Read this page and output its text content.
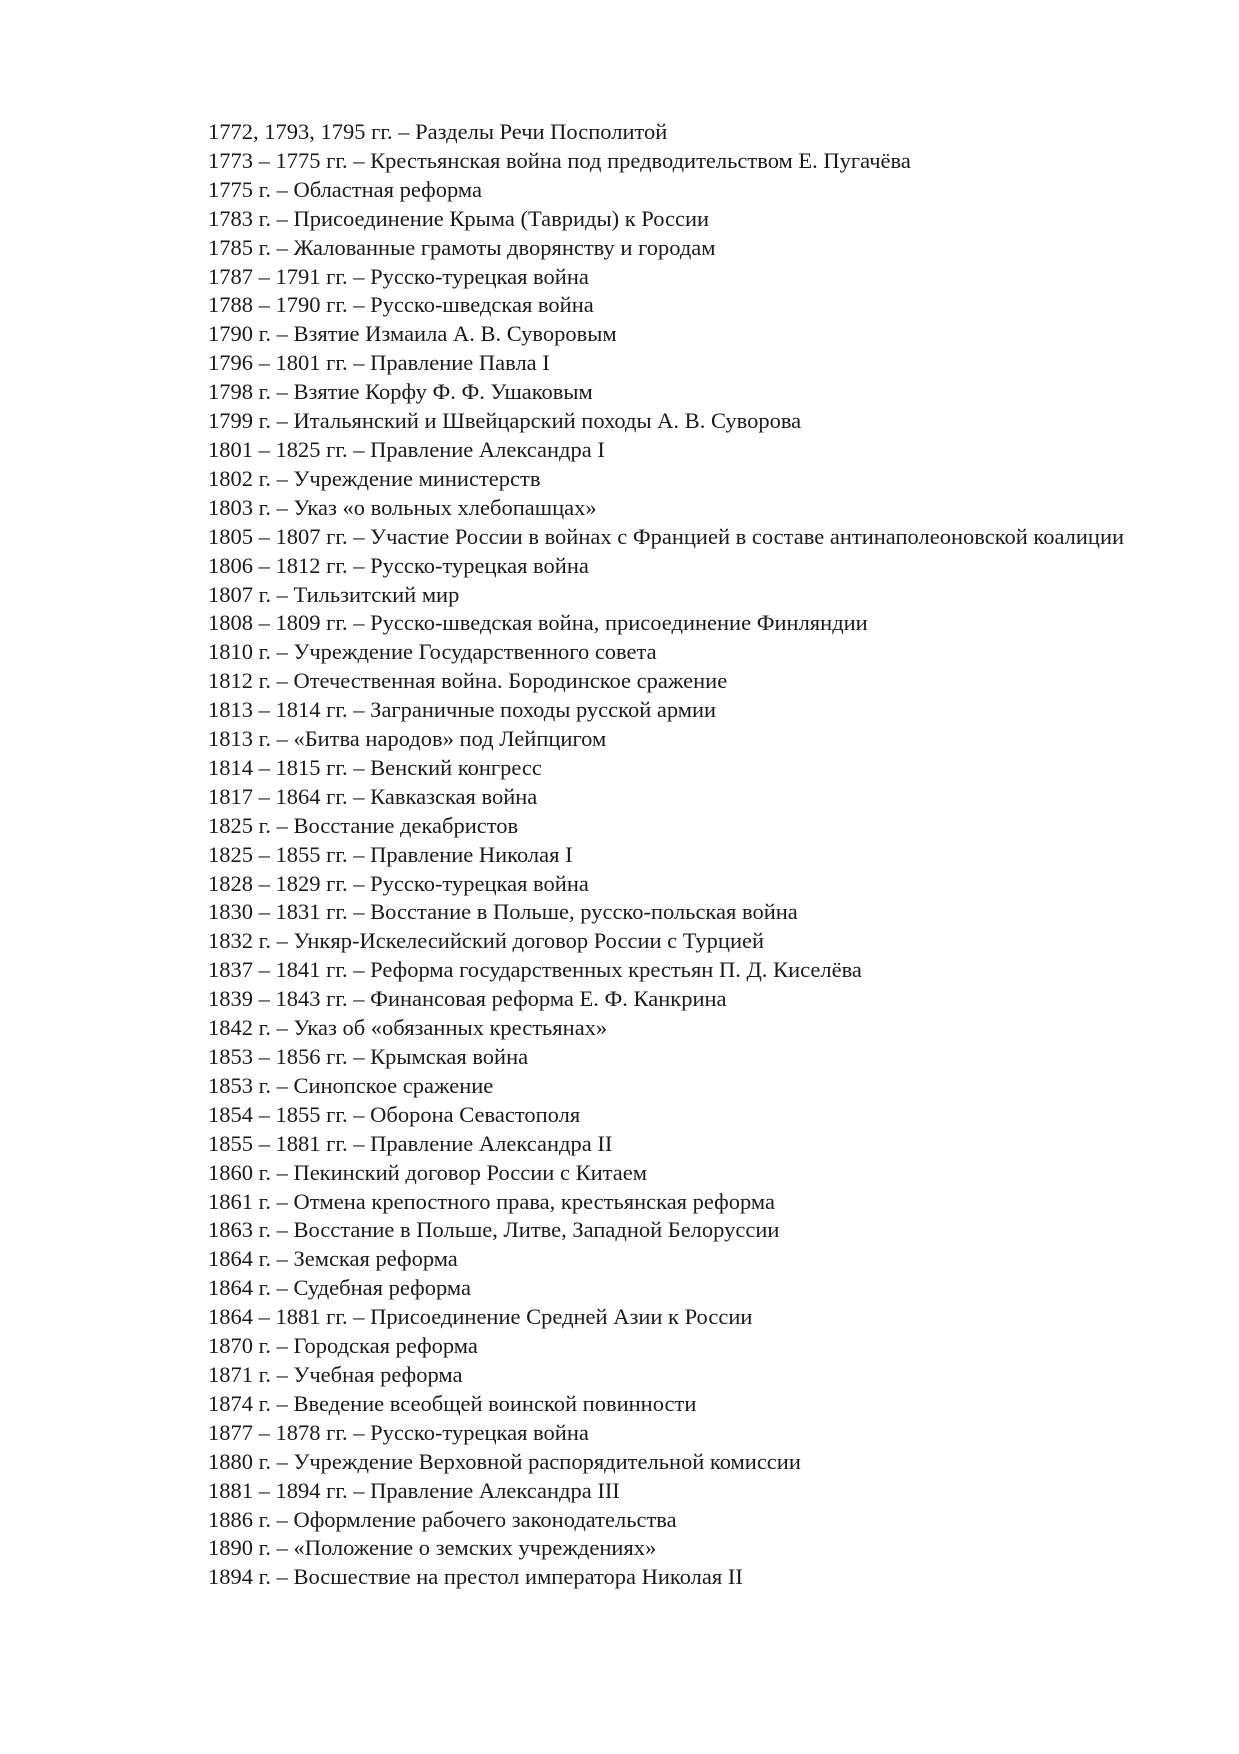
1772, 1793, 1795 гг. – Разделы Речи Посполитой

1773 – 1775 гг. – Крестьянская война под предводительством Е. Пугачёва

1775 г. – Областная реформа

1783 г. – Присоединение Крыма (Тавриды) к России

1785 г. – Жалованные грамоты дворянству и городам

1787 – 1791 гг. – Русско-турецкая война

1788 – 1790 гг. – Русско-шведская война

1790 г. – Взятие Измаила А. В. Суворовым

1796 – 1801 гг. – Правление Павла I

1798 г. – Взятие Корфу Ф. Ф. Ушаковым

1799 г. – Итальянский и Швейцарский походы А. В. Суворова

1801 – 1825 гг. – Правление Александра I

1802 г. – Учреждение министерств

1803 г. – Указ «о вольных хлебопашцах»

1805 – 1807 гг. – Участие России в войнах с Францией в составе антинаполеоновской коалиции

1806 – 1812 гг. – Русско-турецкая война

1807 г. – Тильзитский мир

1808 – 1809 гг. – Русско-шведская война, присоединение Финляндии

1810 г. – Учреждение Государственного совета

1812 г. – Отечественная война. Бородинское сражение

1813 – 1814 гг. – Заграничные походы русской армии

1813 г. – «Битва народов» под Лейпцигом

1814 – 1815 гг. – Венский конгресс

1817 – 1864 гг. – Кавказская война

1825 г. – Восстание декабристов

1825 – 1855 гг. – Правление Николая I

1828 – 1829 гг. – Русско-турецкая война

1830 – 1831 гг. – Восстание в Польше, русско-польская война

1832 г. – Ункяр-Искелесийский договор России с Турцией

1837 – 1841 гг. – Реформа государственных крестьян П. Д. Киселёва

1839 – 1843 гг. – Финансовая реформа Е. Ф. Канкрина

1842 г. – Указ об «обязанных крестьянах»

1853 – 1856 гг. – Крымская война

1853 г. – Синопское сражение

1854 – 1855 гг. – Оборона Севастополя

1855 – 1881 гг. – Правление Александра II

1860 г. – Пекинский договор России с Китаем

1861 г. – Отмена крепостного права, крестьянская реформа

1863 г. – Восстание в Польше, Литве, Западной Белоруссии

1864 г. – Земская реформа

1864 г. – Судебная реформа

1864 – 1881 гг. – Присоединение Средней Азии к России

1870 г. – Городская реформа

1871 г. – Учебная реформа

1874 г. – Введение всеобщей воинской повинности

1877 – 1878 гг. – Русско-турецкая война

1880 г. – Учреждение Верховной распорядительной комиссии

1881 – 1894 гг. – Правление Александра III

1886 г. – Оформление рабочего законодательства

1890 г. – «Положение о земских учреждениях»

1894 г. – Восшествие на престол императора Николая II
